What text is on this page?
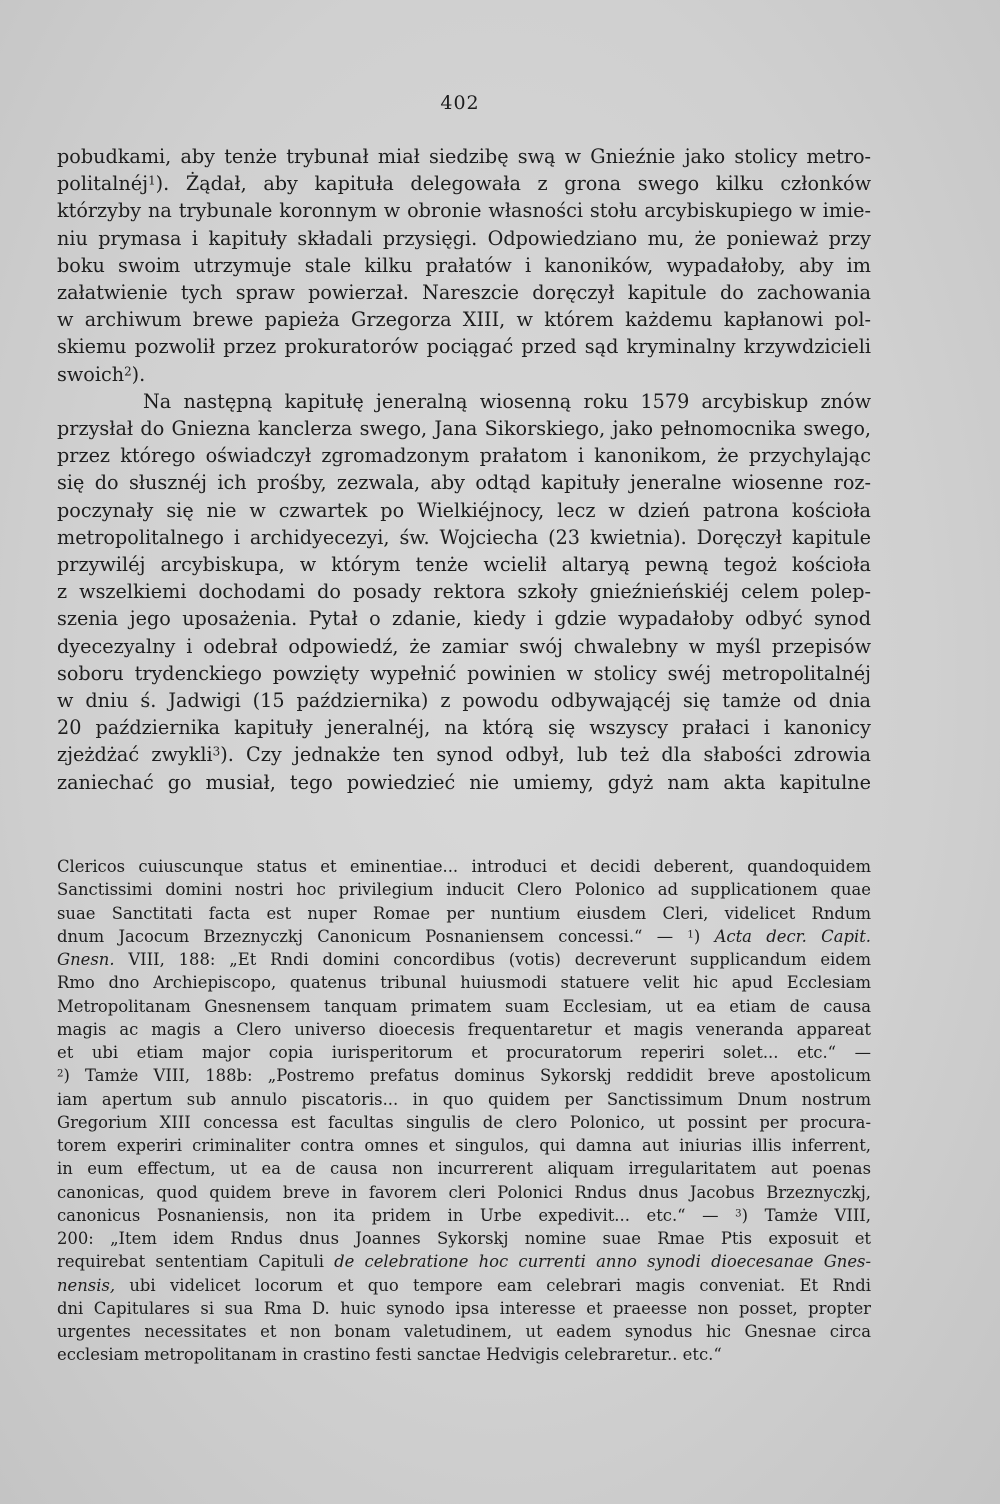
402

pobudkami, aby tenże trybunał miał siedzibę swą w Gnieźnie jako stolicy metro-

politalnéj$^1$). Żądał, aby kapituła delegowała z grona swego kilku członków

którzyby na trybunale koronnym w obronie własności stołu arcybiskupiego w imie-

niu prymasa i kapituły składali przysięgi. Odpowiedziano mu, że ponieważ przy

boku swoim utrzymuje stale kilku prałatów i kanoników, wypadałoby, aby im

załatwienie tych spraw powierzał. Nareszcie doręczył kapitule do zachowania

w archiwum brewe papieża Grzegorza XIII, w którem każdemu kapłanowi pol-

skiemu pozwolił przez prokuratorów pociągać przed sąd kryminalny krzywdzicieli

swoich$^2$).

Na następną kapitułę jeneralną wiosenną roku 1579 arcybiskup znów

przysłał do Gniezna kanclerza swego, Jana Sikorskiego, jako pełnomocnika swego,

przez którego oświadczył zgromadzonym prałatom i kanonikom, że przychylając

się do słusznéj ich prośby, zezwala, aby odtąd kapituły jeneralne wiosenne roz-

poczynały się nie w czwartek po Wielkiéjnocy, lecz w dzień patrona kościoła

metropolitalnego i archidyecezyi, św. Wojciecha (23 kwietnia). Doręczył kapitule

przywiléj arcybiskupa, w którym tenże wcielił altaryą pewną tegoż kościoła

z wszelkiemi dochodami do posady rektora szkoły gnieźnieńskiéj celem polep-

szenia jego uposażenia. Pytał o zdanie, kiedy i gdzie wypadałoby odbyć synod

dyecezyalny i odebrał odpowiedź, że zamiar swój chwalebny w myśl przepisów

soboru trydenckiego powzięty wypełnić powinien w stolicy swéj metropolitalnéj

w dniu ś. Jadwigi (15 października) z powodu odbywającéj się tamże od dnia

20 października kapituły jeneralnéj, na którą się wszyscy prałaci i kanonicy

zjeżdżać zwykli$^3$). Czy jednakże ten synod odbył, lub też dla słabości zdrowia

zaniechać go musiał, tego powiedzieć nie umiemy, gdyż nam akta kapitulne

Clericos cuiuscunque status et eminentiae... introduci et decidi deberent, quandoquidem

Sanctissimi domini nostri hoc privilegium inducit Clero Polonico ad supplicationem quae

suae Sanctitati facta est nuper Romae per nuntium eiusdem Cleri, videlicet Rndum

dnum Jacocum Brzeznyczkj Canonicum Posnaniensem concessi.“ — $^1$) Acta decr. Capit.

Gnesn. VIII, 188: „Et Rndi domini concordibus (votis) decreverunt supplicandum eidem

Rmo dno Archiepiscopo, quatenus tribunal huiusmodi statuere velit hic apud Ecclesiam

Metropolitanam Gnesnensem tanquam primatem suam Ecclesiam, ut ea etiam de causa

magis ac magis a Clero universo dioecesis frequentaretur et magis veneranda appareat

et ubi etiam major copia iurisperitorum et procuratorum reperiri solet... etc.“ —

$^2$) Tamże VIII, 188b: „Postremo prefatus dominus Sykorskj reddidit breve apostolicum

iam apertum sub annulo piscatoris... in quo quidem per Sanctissimum Dnum nostrum

Gregorium XIII concessa est facultas singulis de clero Polonico, ut possint per procura-

torem experiri criminaliter contra omnes et singulos, qui damna aut iniurias illis inferrent,

in eum effectum, ut ea de causa non incurrerent aliquam irregularitatem aut poenas

canonicas, quod quidem breve in favorem cleri Polonici Rndus dnus Jacobus Brzeznyczkj,

canonicus Posnaniensis, non ita pridem in Urbe expedivit... etc.“ — $^3$) Tamże VIII,

200: „Item idem Rndus dnus Joannes Sykorskj nomine suae Rmae Ptis exposuit et

requirebat sententiam Capituli de celebratione hoc currenti anno synodi dioecesanae Gnes-

nensis, ubi videlicet locorum et quo tempore eam celebrari magis conveniat. Et Rndi

dni Capitulares si sua Rma D. huic synodo ipsa interesse et praeesse non posset, propter

urgentes necessitates et non bonam valetudinem, ut eadem synodus hic Gnesnae circa

ecclesiam metropolitanam in crastino festi sanctae Hedvigis celebraretur.. etc.“
